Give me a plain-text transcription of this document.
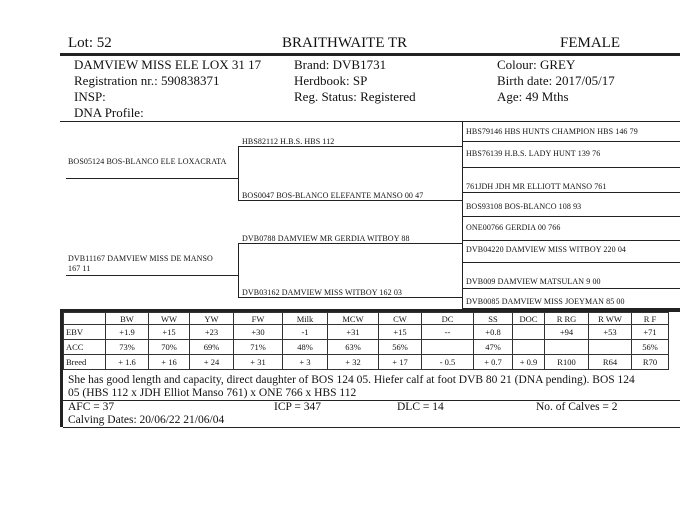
Lot: 52	BRAITHWAITE TR	FEMALE
DAMVIEW MISS ELE LOX 31 17	Brand: DVB1731	Colour: GREY
Registration nr.: 590838371	Herdbook: SP	Birth date: 2017/05/17
INSP:	Reg. Status: Registered	Age: 49 Mths
DNA Profile:
BOS05124 BOS-BLANCO ELE LOXACRATA
DVB11167 DAMVIEW MISS DE MANSO 167 11
HBS82112 H.B.S. HBS 112
BOS0047 BOS-BLANCO ELEFANTE MANSO 00 47
DVB0788 DAMVIEW MR GERDIA WITBOY 88
DVB03162 DAMVIEW MISS WITBOY 162 03
HBS79146 HBS HUNTS CHAMPION HBS 146 79
HBS76139 H.B.S. LADY HUNT 139 76
761JDH JDH MR ELLIOTT MANSO 761
BOS93108 BOS-BLANCO 108 93
ONE00766 GERDIA 00 766
DVB04220 DAMVIEW MISS WITBOY 220 04
DVB009 DAMVIEW MATSULAN 9 00
DVB0085 DAMVIEW MISS JOEYMAN 85 00
	BW	WW	YW	FW	Milk	MCW	CW	DC	SS	DOC	R RG	R WW	R F
EBV	+1.9	+15	+23	+30	-1	+31	+15	--	+0.8		+94	+53	+71
ACC	73%	70%	69%	71%	48%	63%	56%		47%				56%
Breed	+ 1.6	+ 16	+ 24	+ 31	+ 3	+ 32	+ 17	- 0.5	+ 0.7	+ 0.9	R100	R64	R70
She has good length and capacity, direct daughter of BOS 124 05. Hiefer calf at foot DVB 80 21 (DNA pending). BOS 124
05 (HBS 112 x JDH Elliot Manso 761) x ONE 766 x HBS 112
AFC = 37	ICP = 347	DLC = 14	No. of Calves = 2
Calving Dates: 20/06/22 21/06/04
